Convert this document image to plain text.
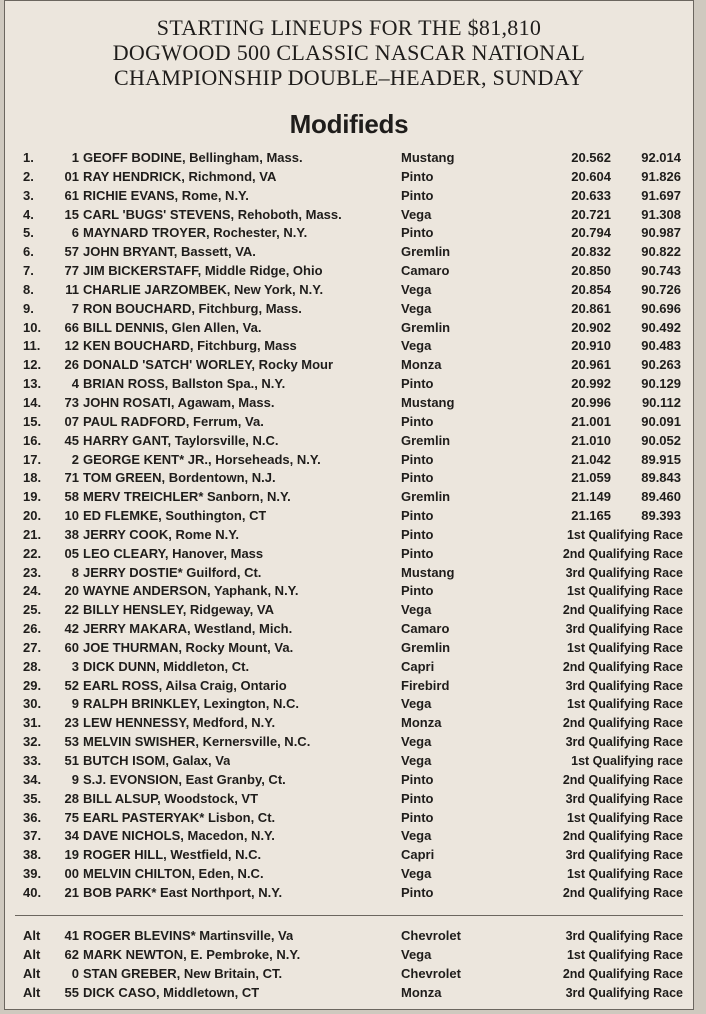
STARTING LINEUPS FOR THE $81,810
DOGWOOD 500 CLASSIC NASCAR NATIONAL
CHAMPIONSHIP DOUBLE–HEADER, SUNDAY
Modifieds
1.	1 GEOFF BODINE, Bellingham, Mass.	Mustang	20.562	92.014
2.	01 RAY HENDRICK, Richmond, VA	Pinto	20.604	91.826
3.	61 RICHIE EVANS, Rome, N.Y.	Pinto	20.633	91.697
4.	15 CARL 'BUGS' STEVENS, Rehoboth, Mass.	Vega	20.721	91.308
5.	6 MAYNARD TROYER, Rochester, N.Y.	Pinto	20.794	90.987
6.	57 JOHN BRYANT, Bassett, VA.	Gremlin	20.832	90.822
7.	77 JIM BICKERSTAFF, Middle Ridge, Ohio	Camaro	20.850	90.743
8.	11 CHARLIE JARZOMBEK, New York, N.Y.	Vega	20.854	90.726
9.	7 RON BOUCHARD, Fitchburg, Mass.	Vega	20.861	90.696
10.	66 BILL DENNIS, Glen Allen, Va.	Gremlin	20.902	90.492
11.	12 KEN BOUCHARD, Fitchburg, Mass	Vega	20.910	90.483
12.	26 DONALD 'SATCH' WORLEY, Rocky Mour	Monza	20.961	90.263
13.	4 BRIAN ROSS, Ballston Spa., N.Y.	Pinto	20.992	90.129
14.	73 JOHN ROSATI, Agawam, Mass.	Mustang	20.996	90.112
15.	07 PAUL RADFORD, Ferrum, Va.	Pinto	21.001	90.091
16.	45 HARRY GANT, Taylorsville, N.C.	Gremlin	21.010	90.052
17.	2 GEORGE KENT* JR., Horseheads, N.Y.	Pinto	21.042	89.915
18.	71 TOM GREEN, Bordentown, N.J.	Pinto	21.059	89.843
19.	58 MERV TREICHLER* Sanborn, N.Y.	Gremlin	21.149	89.460
20.	10 ED FLEMKE, Southington, CT	Pinto	21.165	89.393
21.	38 JERRY COOK, Rome N.Y.	Pinto	1st Qualifying Race
22.	05 LEO CLEARY, Hanover, Mass	Pinto	2nd Qualifying Race
23.	8 JERRY DOSTIE* Guilford, Ct.	Mustang	3rd Qualifying Race
24.	20 WAYNE ANDERSON, Yaphank, N.Y.	Pinto	1st Qualifying Race
25.	22 BILLY HENSLEY, Ridgeway, VA	Vega	2nd Qualifying Race
26.	42 JERRY MAKARA, Westland, Mich.	Camaro	3rd Qualifying Race
27.	60 JOE THURMAN, Rocky Mount, Va.	Gremlin	1st Qualifying Race
28.	3 DICK DUNN, Middleton, Ct.	Capri	2nd Qualifying Race
29.	52 EARL ROSS, Ailsa Craig, Ontario	Firebird	3rd Qualifying Race
30.	9 RALPH BRINKLEY, Lexington, N.C.	Vega	1st Qualifying Race
31.	23 LEW HENNESSY, Medford, N.Y.	Monza	2nd Qualifying Race
32.	53 MELVIN SWISHER, Kernersville, N.C.	Vega	3rd Qualifying Race
33.	51 BUTCH ISOM, Galax, Va	Vega	1st Qualifying race
34.	9 S.J. EVONSION, East Granby, Ct.	Pinto	2nd Qualifying Race
35.	28 BILL ALSUP, Woodstock, VT	Pinto	3rd Qualifying Race
36.	75 EARL PASTERYAK* Lisbon, Ct.	Pinto	1st Qualifying Race
37.	34 DAVE NICHOLS, Macedon, N.Y.	Vega	2nd Qualifying Race
38.	19 ROGER HILL, Westfield, N.C.	Capri	3rd Qualifying Race
39.	00 MELVIN CHILTON, Eden, N.C.	Vega	1st Qualifying Race
40.	21 BOB PARK* East Northport, N.Y.	Pinto	2nd Qualifying Race
Alt	41 ROGER BLEVINS* Martinsville, Va	Chevrolet	3rd Qualifying Race
Alt	62 MARK NEWTON, E. Pembroke, N.Y.	Vega	1st Qualifying Race
Alt	0 STAN GREBER, New Britain, CT.	Chevrolet	2nd Qualifying Race
Alt	55 DICK CASO, Middletown, CT	Monza	3rd Qualifying Race
